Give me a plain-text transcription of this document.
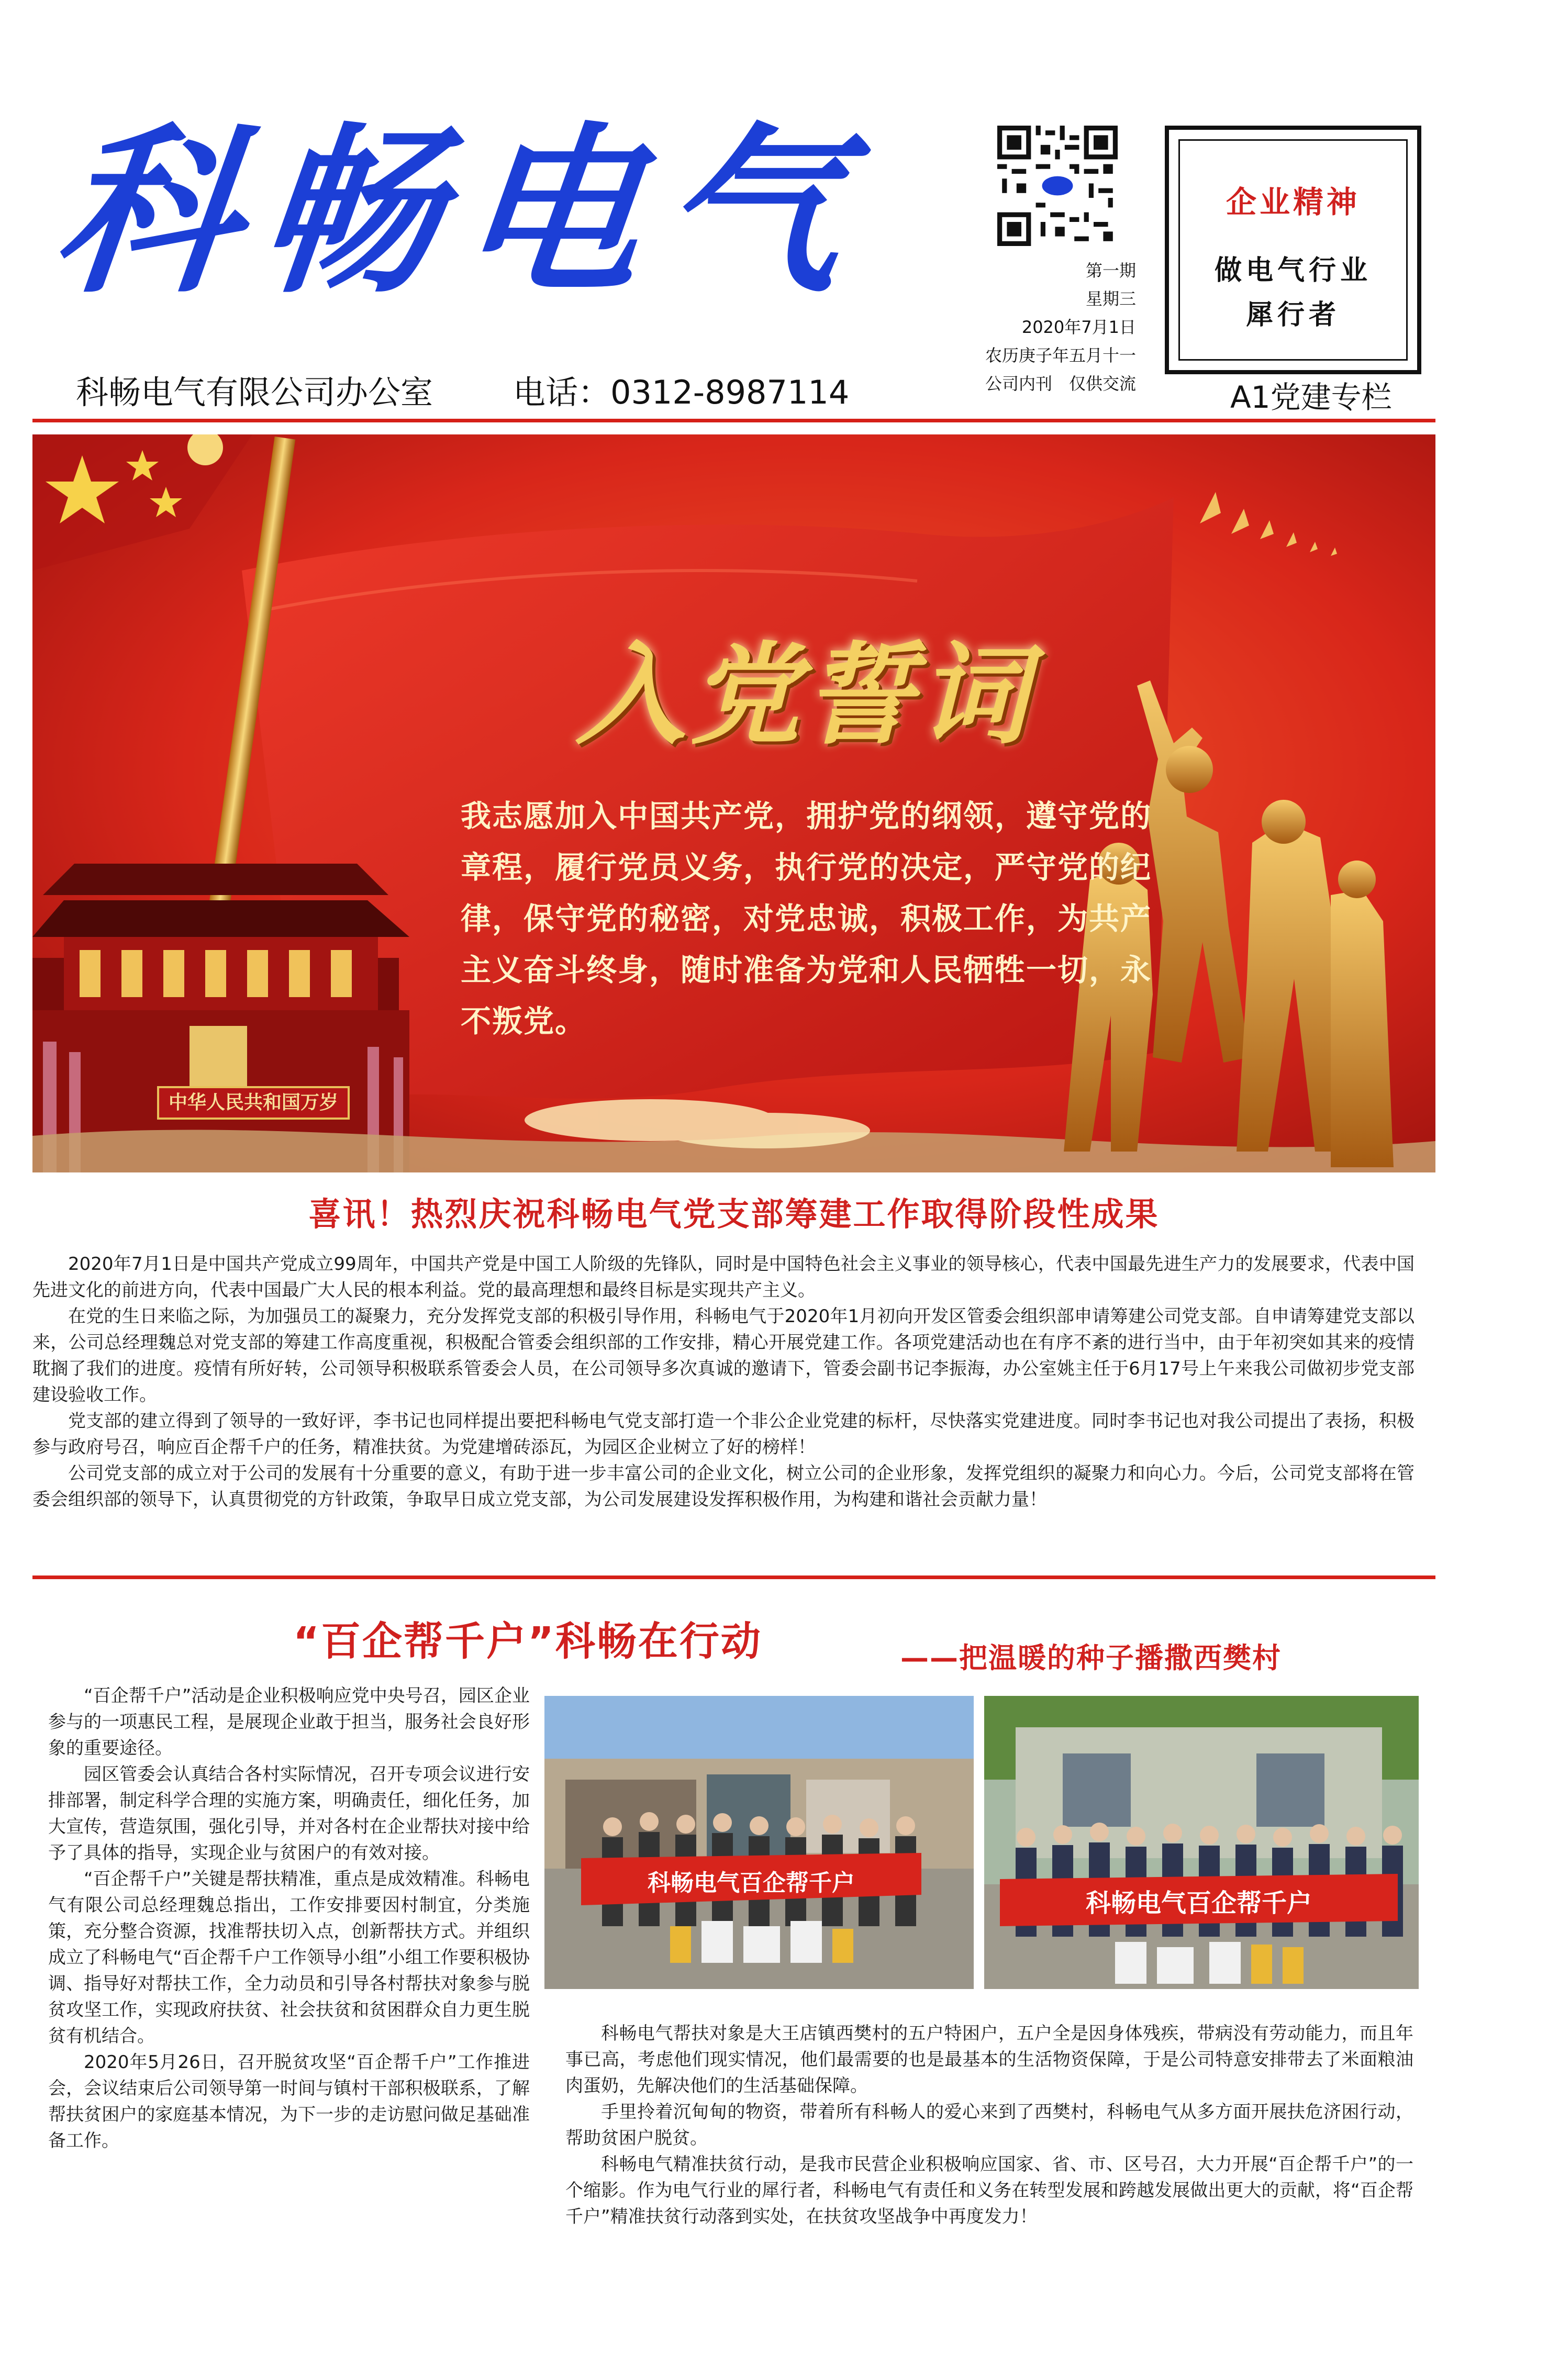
科畅电气
科畅电气有限公司办公室 电话：0312-8987114
第一期
星期三
2020年7月1日
农历庚子年五月十一
公司内刊　仅供交流
企业精神
做电气行业
犀行者
A1党建专栏
入党誓词
我志愿加入中国共产党，拥护党的纲领，遵守党的章程，履行党员义务，执行党的决定，严守党的纪律，保守党的秘密，对党忠诚，积极工作，为共产主义奋斗终身，随时准备为党和人民牺牲一切，永不叛党。
中华人民共和国万岁
喜讯！热烈庆祝科畅电气党支部筹建工作取得阶段性成果

2020年7月1日是中国共产党成立99周年，中国共产党是中国工人阶级的先锋队，同时是中国特色社会主义事业的领导核心，代表中国最先进生产力的发展要求，代表中国先进文化的前进方向，代表中国最广大人民的根本利益。党的最高理想和最终目标是实现共产主义。

在党的生日来临之际，为加强员工的凝聚力，充分发挥党支部的积极引导作用，科畅电气于2020年1月初向开发区管委会组织部申请筹建公司党支部。自申请筹建党支部以来，公司总经理魏总对党支部的筹建工作高度重视，积极配合管委会组织部的工作安排，精心开展党建工作。各项党建活动也在有序不紊的进行当中，由于年初突如其来的疫情耽搁了我们的进度。疫情有所好转，公司领导积极联系管委会人员，在公司领导多次真诚的邀请下，管委会副书记李振海，办公室姚主任于6月17号上午来我公司做初步党支部建设验收工作。

党支部的建立得到了领导的一致好评，李书记也同样提出要把科畅电气党支部打造一个非公企业党建的标杆，尽快落实党建进度。同时李书记也对我公司提出了表扬，积极参与政府号召，响应百企帮千户的任务，精准扶贫。为党建增砖添瓦，为园区企业树立了好的榜样！

公司党支部的成立对于公司的发展有十分重要的意义，有助于进一步丰富公司的企业文化，树立公司的企业形象，发挥党组织的凝聚力和向心力。今后，公司党支部将在管委会组织部的领导下，认真贯彻党的方针政策，争取早日成立党支部，为公司发展建设发挥积极作用，为构建和谐社会贡献力量！

“百企帮千户”科畅在行动	——把温暖的种子播撒西樊村

“百企帮千户”活动是企业积极响应党中央号召，园区企业参与的一项惠民工程，是展现企业敢于担当，服务社会良好形象的重要途径。

园区管委会认真结合各村实际情况，召开专项会议进行安排部署，制定科学合理的实施方案，明确责任，细化任务，加大宣传，营造氛围，强化引导，并对各村在企业帮扶对接中给予了具体的指导，实现企业与贫困户的有效对接。

“百企帮千户”关键是帮扶精准，重点是成效精准。科畅电气有限公司总经理魏总指出，工作安排要因村制宜，分类施策，充分整合资源，找准帮扶切入点，创新帮扶方式。并组织成立了科畅电气“百企帮千户工作领导小组”小组工作要积极协调、指导好对帮扶工作，全力动员和引导各村帮扶对象参与脱贫攻坚工作，实现政府扶贫、社会扶贫和贫困群众自力更生脱贫有机结合。

2020年5月26日，召开脱贫攻坚“百企帮千户”工作推进会，会议结束后公司领导第一时间与镇村干部积极联系，了解帮扶贫困户的家庭基本情况，为下一步的走访慰问做足基础准备工作。

科畅电气百企帮千户
科畅电气百企帮千户

科畅电气帮扶对象是大王店镇西樊村的五户特困户，五户全是因身体残疾，带病没有劳动能力，而且年事已高，考虑他们现实情况，他们最需要的也是最基本的生活物资保障，于是公司特意安排带去了米面粮油肉蛋奶，先解决他们的生活基础保障。

手里拎着沉甸甸的物资，带着所有科畅人的爱心来到了西樊村，科畅电气从多方面开展扶危济困行动，帮助贫困户脱贫。

科畅电气精准扶贫行动，是我市民营企业积极响应国家、省、市、区号召，大力开展“百企帮千户”的一个缩影。作为电气行业的犀行者，科畅电气有责任和义务在转型发展和跨越发展做出更大的贡献，将“百企帮千户”精准扶贫行动落到实处，在扶贫攻坚战争中再度发力！
